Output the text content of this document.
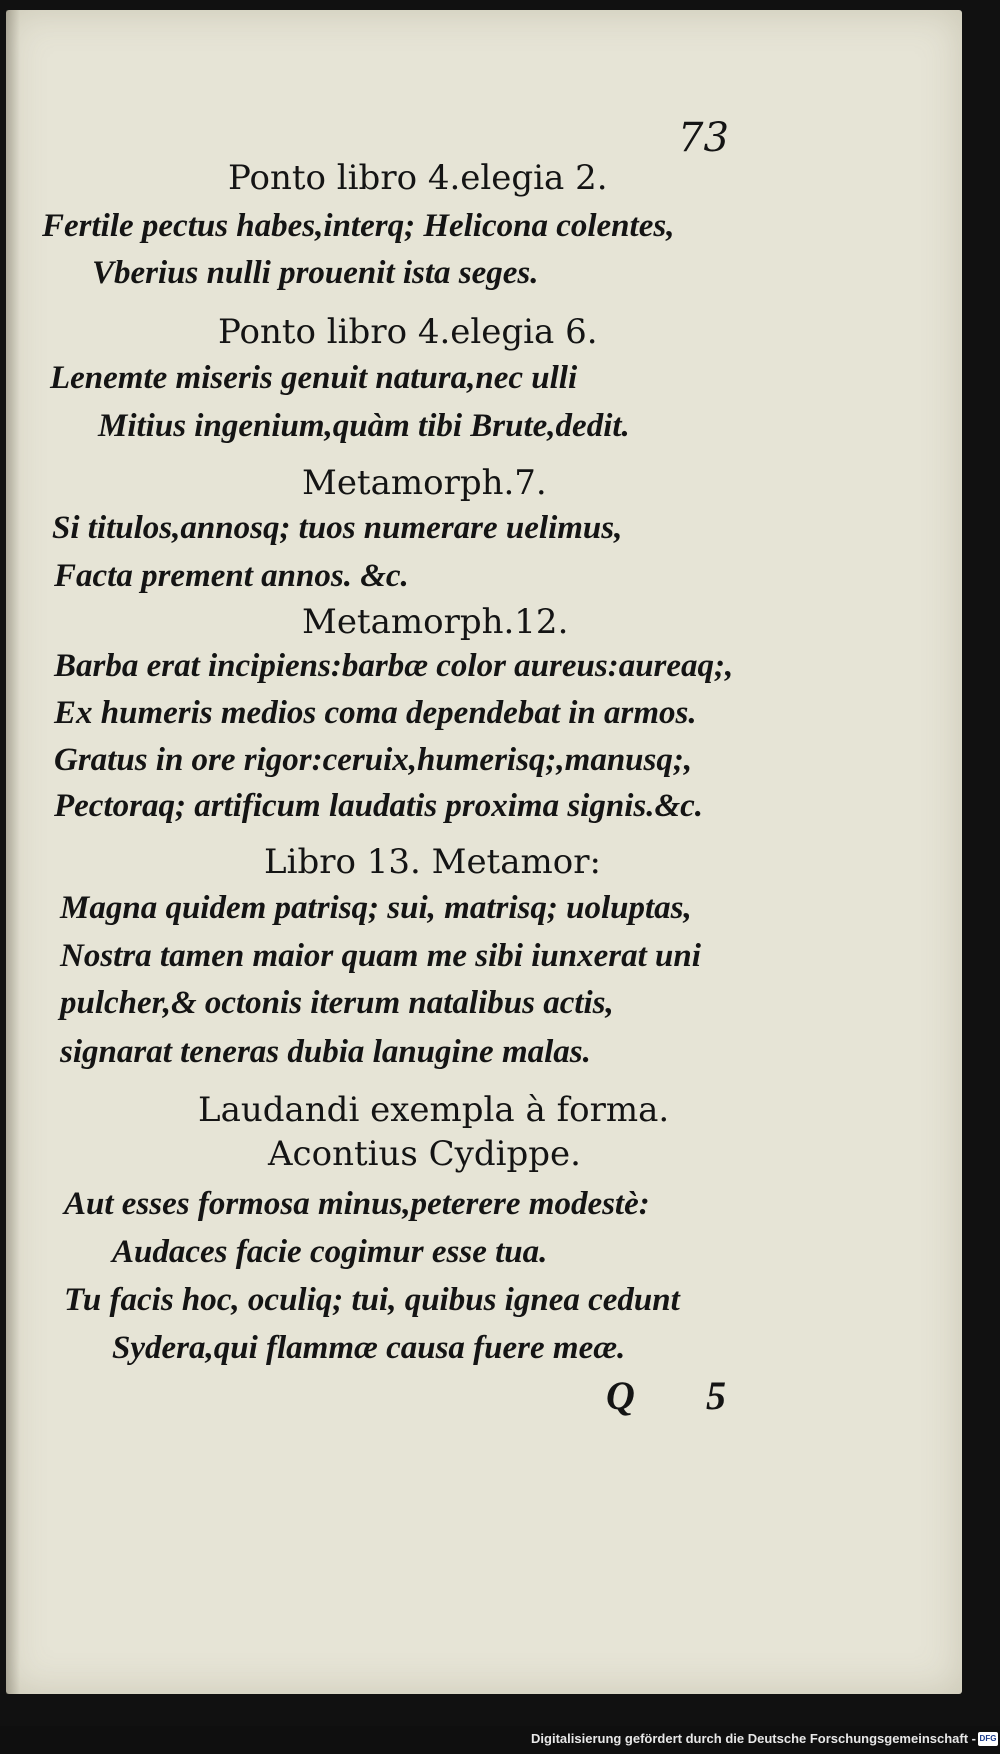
73
Ponto libro 4.elegia 2.
Fertile pectus habes,interq; Helicona colentes,
Vberius nulli prouenit ista seges.
Ponto libro 4.elegia 6.
Lenemte miseris genuit natura,nec ulli
Mitius ingenium,quàm tibi Brute,dedit.
Metamorph.7.
Si titulos,annosq; tuos numerare uelimus,
Facta prement annos. &c.
Metamorph.12.
Barba erat incipiens:barbæ color aureus:aureaq;,
Ex humeris medios coma dependebat in armos.
Gratus in ore rigor:ceruix,humerisq;,manusq;,
Pectoraq; artificum laudatis proxima signis.&c.
Libro 13. Metamor:
Magna quidem patrisq; sui, matrisq; uoluptas,
Nostra tamen maior quam me sibi iunxerat uni
pulcher,& octonis iterum natalibus actis,
signarat teneras dubia lanugine malas.
Laudandi exempla à forma.
Acontius Cydippe.
Aut esses formosa minus,peterere modestè:
Audaces facie cogimur esse tua.
Tu facis hoc, oculiq; tui, quibus ignea cedunt
Sydera,qui flammæ causa fuere meæ.
Q 5
Digitalisierung gefördert durch die Deutsche Forschungsgemeinschaft - DFG
